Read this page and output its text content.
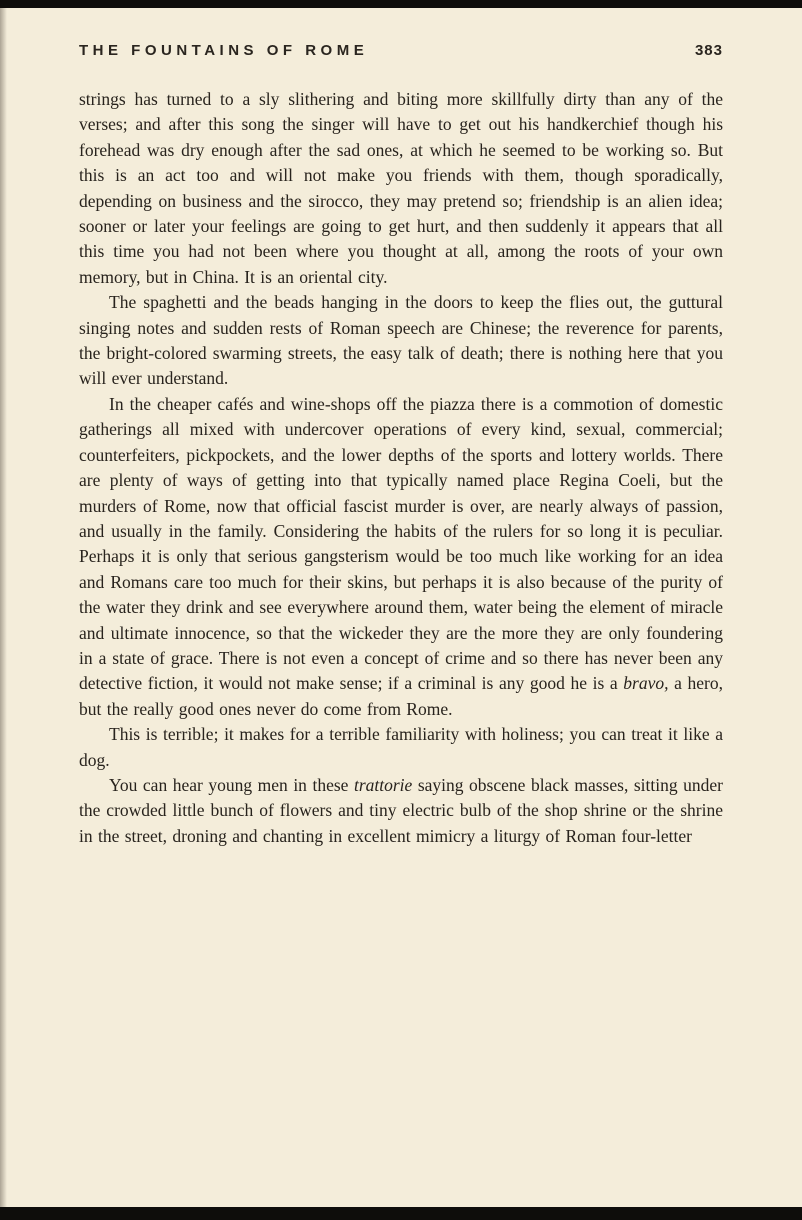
THE FOUNTAINS OF ROME	383

strings has turned to a sly slithering and biting more skillfully dirty than any of the verses; and after this song the singer will have to get out his handkerchief though his forehead was dry enough after the sad ones, at which he seemed to be working so. But this is an act too and will not make you friends with them, though sporadically, depending on business and the sirocco, they may pretend so; friendship is an alien idea; sooner or later your feelings are going to get hurt, and then suddenly it appears that all this time you had not been where you thought at all, among the roots of your own memory, but in China. It is an oriental city.

The spaghetti and the beads hanging in the doors to keep the flies out, the guttural singing notes and sudden rests of Roman speech are Chinese; the reverence for parents, the bright-colored swarming streets, the easy talk of death; there is nothing here that you will ever understand.

In the cheaper cafés and wine-shops off the piazza there is a commotion of domestic gatherings all mixed with undercover operations of every kind, sexual, commercial; counterfeiters, pickpockets, and the lower depths of the sports and lottery worlds. There are plenty of ways of getting into that typically named place Regina Coeli, but the murders of Rome, now that official fascist murder is over, are nearly always of passion, and usually in the family. Considering the habits of the rulers for so long it is peculiar. Perhaps it is only that serious gangsterism would be too much like working for an idea and Romans care too much for their skins, but perhaps it is also because of the purity of the water they drink and see everywhere around them, water being the element of miracle and ultimate innocence, so that the wickeder they are the more they are only foundering in a state of grace. There is not even a concept of crime and so there has never been any detective fiction, it would not make sense; if a criminal is any good he is a bravo, a hero, but the really good ones never do come from Rome.

This is terrible; it makes for a terrible familiarity with holiness; you can treat it like a dog.

You can hear young men in these trattorie saying obscene black masses, sitting under the crowded little bunch of flowers and tiny electric bulb of the shop shrine or the shrine in the street, droning and chanting in excellent mimicry a liturgy of Roman four-letter
